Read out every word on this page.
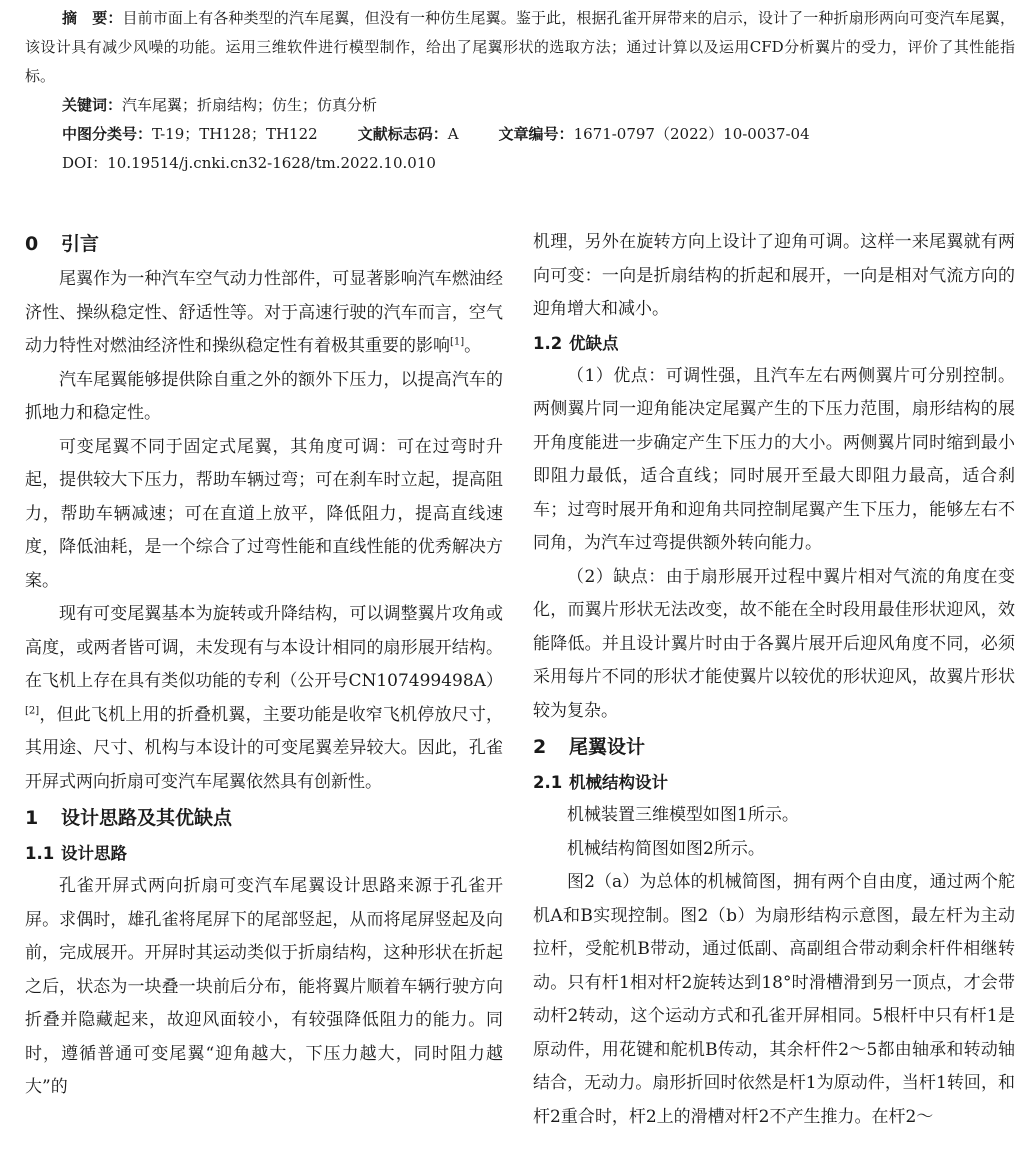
摘　要：目前市面上有各种类型的汽车尾翼，但没有一种仿生尾翼。鉴于此，根据孔雀开屏带来的启示，设计了一种折扇形两向可变汽车尾翼，该设计具有减少风噪的功能。运用三维软件进行模型制作，给出了尾翼形状的选取方法；通过计算以及运用CFD分析翼片的受力，评价了其性能指标。

关键词：汽车尾翼；折扇结构；仿生；仿真分析

中图分类号：T-19；TH128；TH122	文献标志码：A	文章编号：1671-0797（2022）10-0037-04

DOI：10.19514/j.cnki.cn32-1628/tm.2022.10.010

0 引言

尾翼作为一种汽车空气动力性部件，可显著影响汽车燃油经济性、操纵稳定性、舒适性等。对于高速行驶的汽车而言，空气动力特性对燃油经济性和操纵稳定性有着极其重要的影响[1]。

汽车尾翼能够提供除自重之外的额外下压力，以提高汽车的抓地力和稳定性。

可变尾翼不同于固定式尾翼，其角度可调：可在过弯时升起，提供较大下压力，帮助车辆过弯；可在刹车时立起，提高阻力，帮助车辆减速；可在直道上放平，降低阻力，提高直线速度，降低油耗，是一个综合了过弯性能和直线性能的优秀解决方案。

现有可变尾翼基本为旋转或升降结构，可以调整翼片攻角或高度，或两者皆可调，未发现有与本设计相同的扇形展开结构。在飞机上存在具有类似功能的专利（公开号CN107499498A）[2]，但此飞机上用的折叠机翼，主要功能是收窄飞机停放尺寸，其用途、尺寸、机构与本设计的可变尾翼差异较大。因此，孔雀开屏式两向折扇可变汽车尾翼依然具有创新性。

1 设计思路及其优缺点
1.1 设计思路

孔雀开屏式两向折扇可变汽车尾翼设计思路来源于孔雀开屏。求偶时，雄孔雀将尾屏下的尾部竖起，从而将尾屏竖起及向前，完成展开。开屏时其运动类似于折扇结构，这种形状在折起之后，状态为一块叠一块前后分布，能将翼片顺着车辆行驶方向折叠并隐藏起来，故迎风面较小，有较强降低阻力的能力。同时，遵循普通可变尾翼“迎角越大，下压力越大，同时阻力越大”的

机理，另外在旋转方向上设计了迎角可调。这样一来尾翼就有两向可变：一向是折扇结构的折起和展开，一向是相对气流方向的迎角增大和减小。

1.2 优缺点

（1）优点：可调性强，且汽车左右两侧翼片可分别控制。两侧翼片同一迎角能决定尾翼产生的下压力范围，扇形结构的展开角度能进一步确定产生下压力的大小。两侧翼片同时缩到最小即阻力最低，适合直线；同时展开至最大即阻力最高，适合刹车；过弯时展开角和迎角共同控制尾翼产生下压力，能够左右不同角，为汽车过弯提供额外转向能力。

（2）缺点：由于扇形展开过程中翼片相对气流的角度在变化，而翼片形状无法改变，故不能在全时段用最佳形状迎风，效能降低。并且设计翼片时由于各翼片展开后迎风角度不同，必须采用每片不同的形状才能使翼片以较优的形状迎风，故翼片形状较为复杂。

2 尾翼设计
2.1 机械结构设计

机械装置三维模型如图1所示。

机械结构简图如图2所示。

图2（a）为总体的机械简图，拥有两个自由度，通过两个舵机A和B实现控制。图2（b）为扇形结构示意图，最左杆为主动拉杆，受舵机B带动，通过低副、高副组合带动剩余杆件相继转动。只有杆1相对杆2旋转达到18°时滑槽滑到另一顶点，才会带动杆2转动，这个运动方式和孔雀开屏相同。5根杆中只有杆1是原动件，用花键和舵机B传动，其余杆件2～5都由轴承和转动轴结合，无动力。扇形折回时依然是杆1为原动件，当杆1转回，和杆2重合时，杆2上的滑槽对杆2不产生推力。在杆2～
